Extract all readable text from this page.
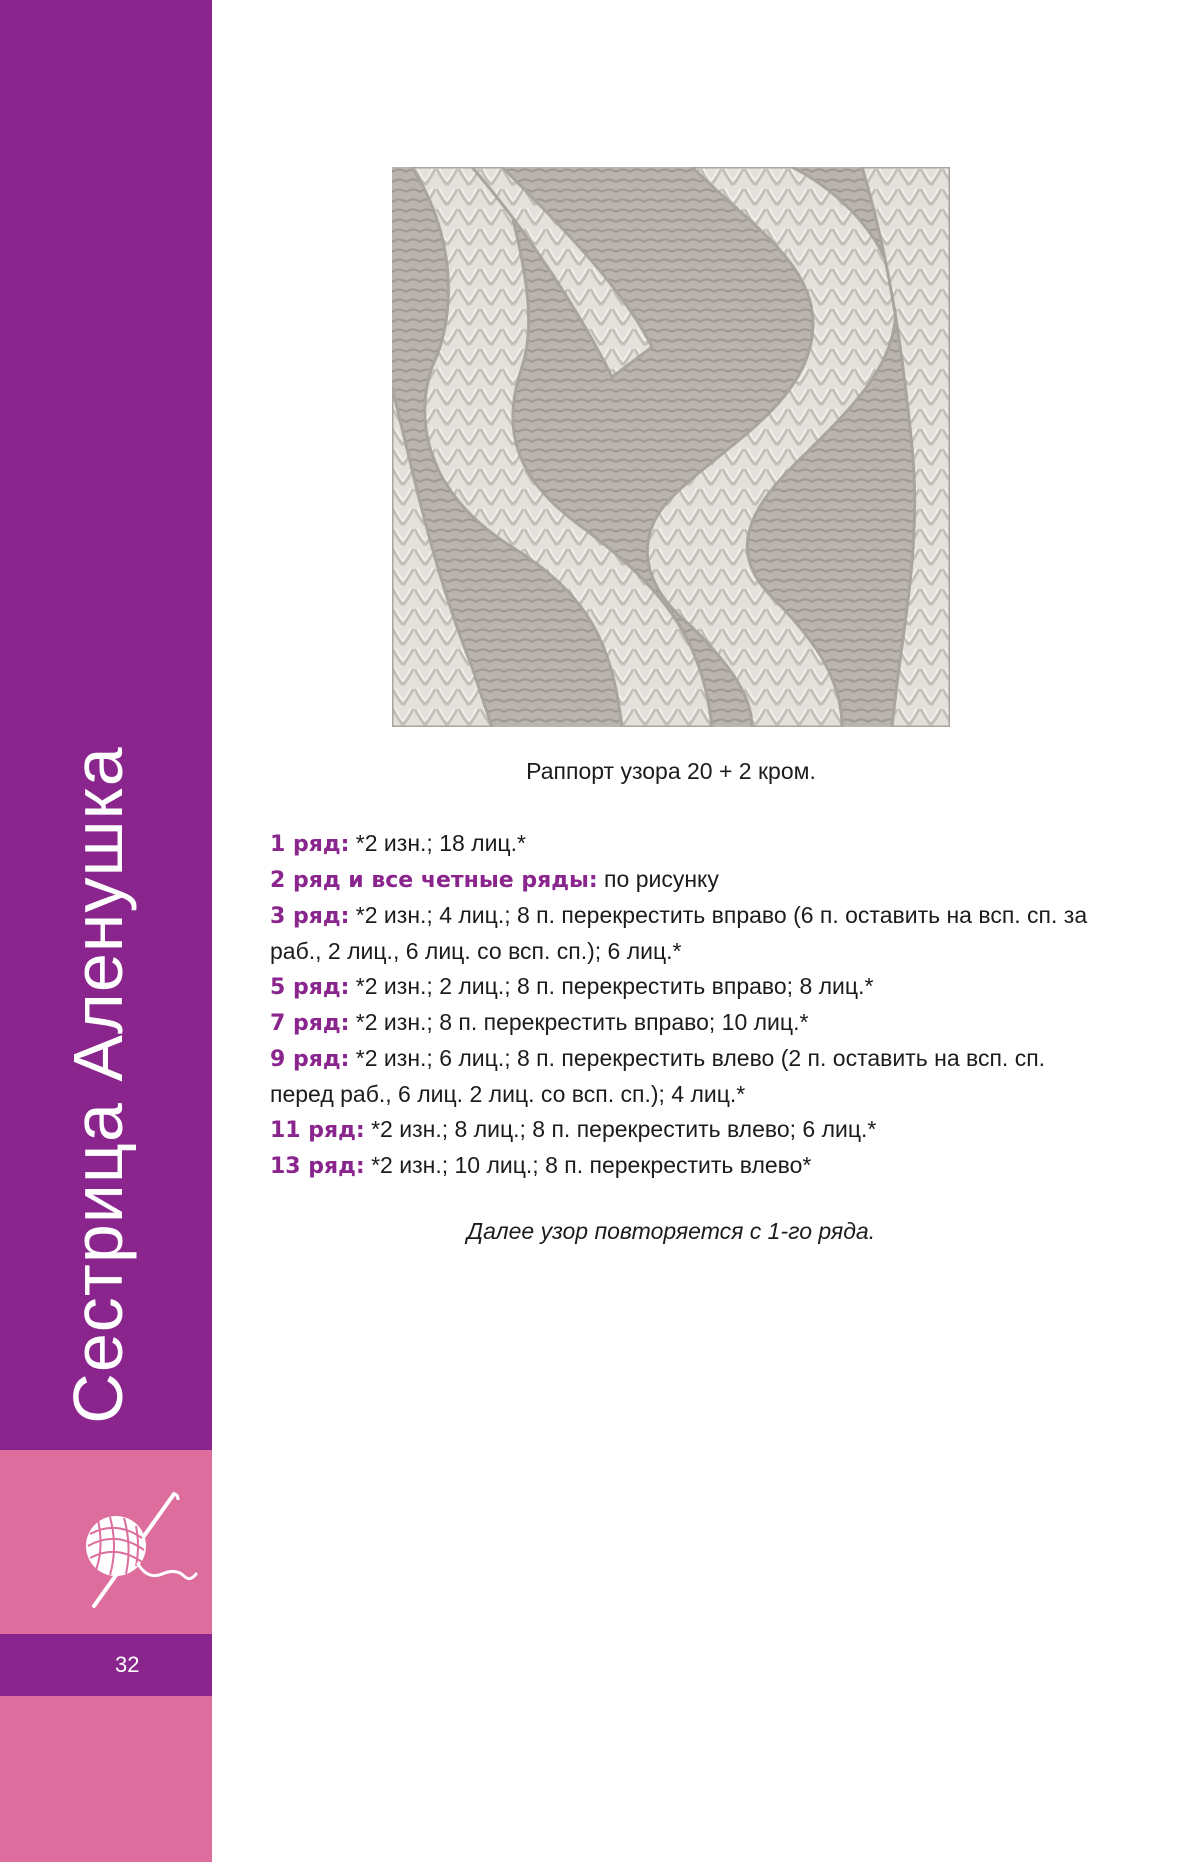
Сестрица Аленушка
32
Раппорт узора 20 + 2 кром.
1 ряд: *2 изн.; 18 лиц.*
2 ряд и все четные ряды: по рисунку
3 ряд: *2 изн.; 4 лиц.; 8 п. перекрестить вправо (6 п. оставить на всп. сп. за раб., 2 лиц., 6 лиц. со всп. сп.); 6 лиц.*
5 ряд: *2 изн.; 2 лиц.; 8 п. перекрестить вправо; 8 лиц.*
7 ряд: *2 изн.; 8 п. перекрестить вправо; 10 лиц.*
9 ряд: *2 изн.; 6 лиц.; 8 п. перекрестить влево (2 п. оставить на всп. сп. перед раб., 6 лиц. 2 лиц. со всп. сп.); 4 лиц.*
11 ряд: *2 изн.; 8 лиц.; 8 п. перекрестить влево; 6 лиц.*
13 ряд: *2 изн.; 10 лиц.; 8 п. перекрестить влево*
Далее узор повторяется с 1-го ряда.
